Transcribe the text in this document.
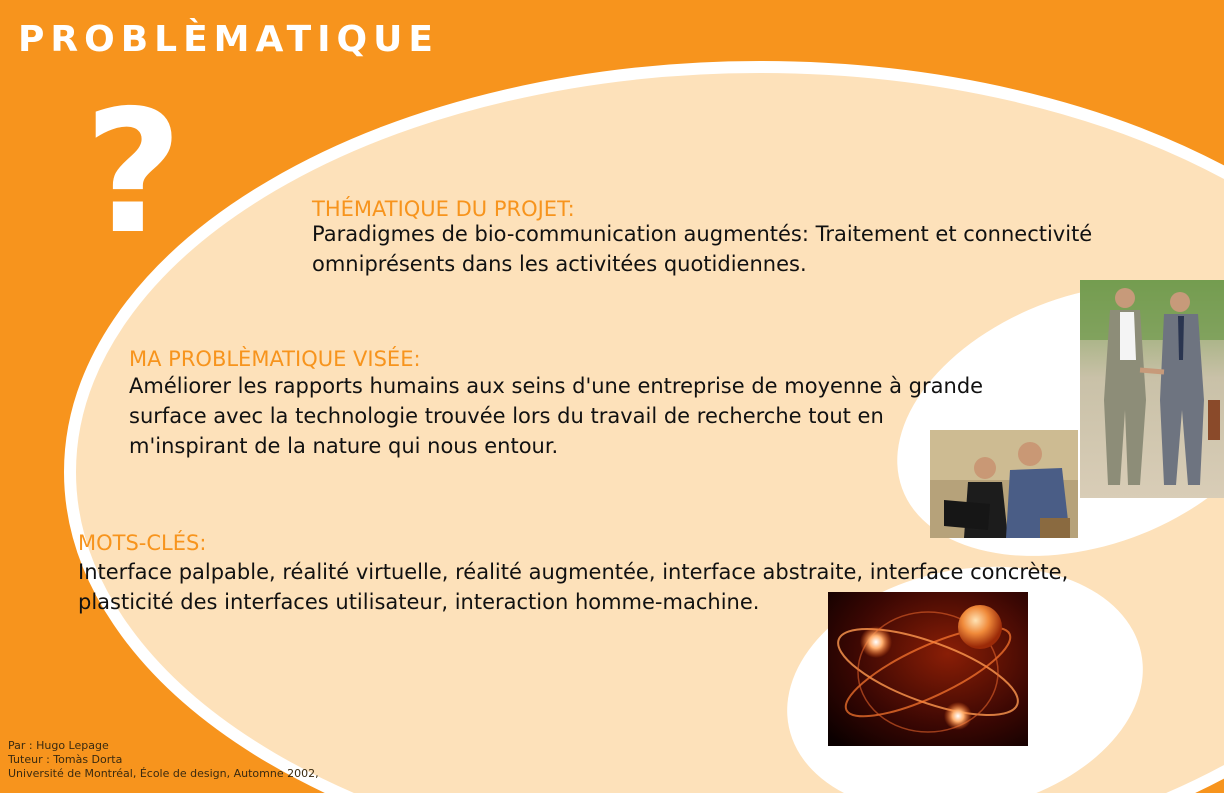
PROBLÈMATIQUE
?	THÉMATIQUE DU PROJET:
Paradigmes de bio-communication augmentés: Traitement et connectivité
omniprésents dans les activitées quotidiennes.
MA PROBLÈMATIQUE VISÉE:
Améliorer les rapports humains aux seins d'une entreprise de moyenne à grande
surface avec la technologie trouvée lors du travail de recherche tout en
m'inspirant de la nature qui nous entour.
MOTS-CLÉS:
Interface palpable, réalité virtuelle, réalité augmentée, interface abstraite, interface concrète,
plasticité des interfaces utilisateur, interaction homme-machine.
Par : Hugo Lepage
Tuteur : Tomàs Dorta
Université de Montréal, École de design, Automne 2002,
